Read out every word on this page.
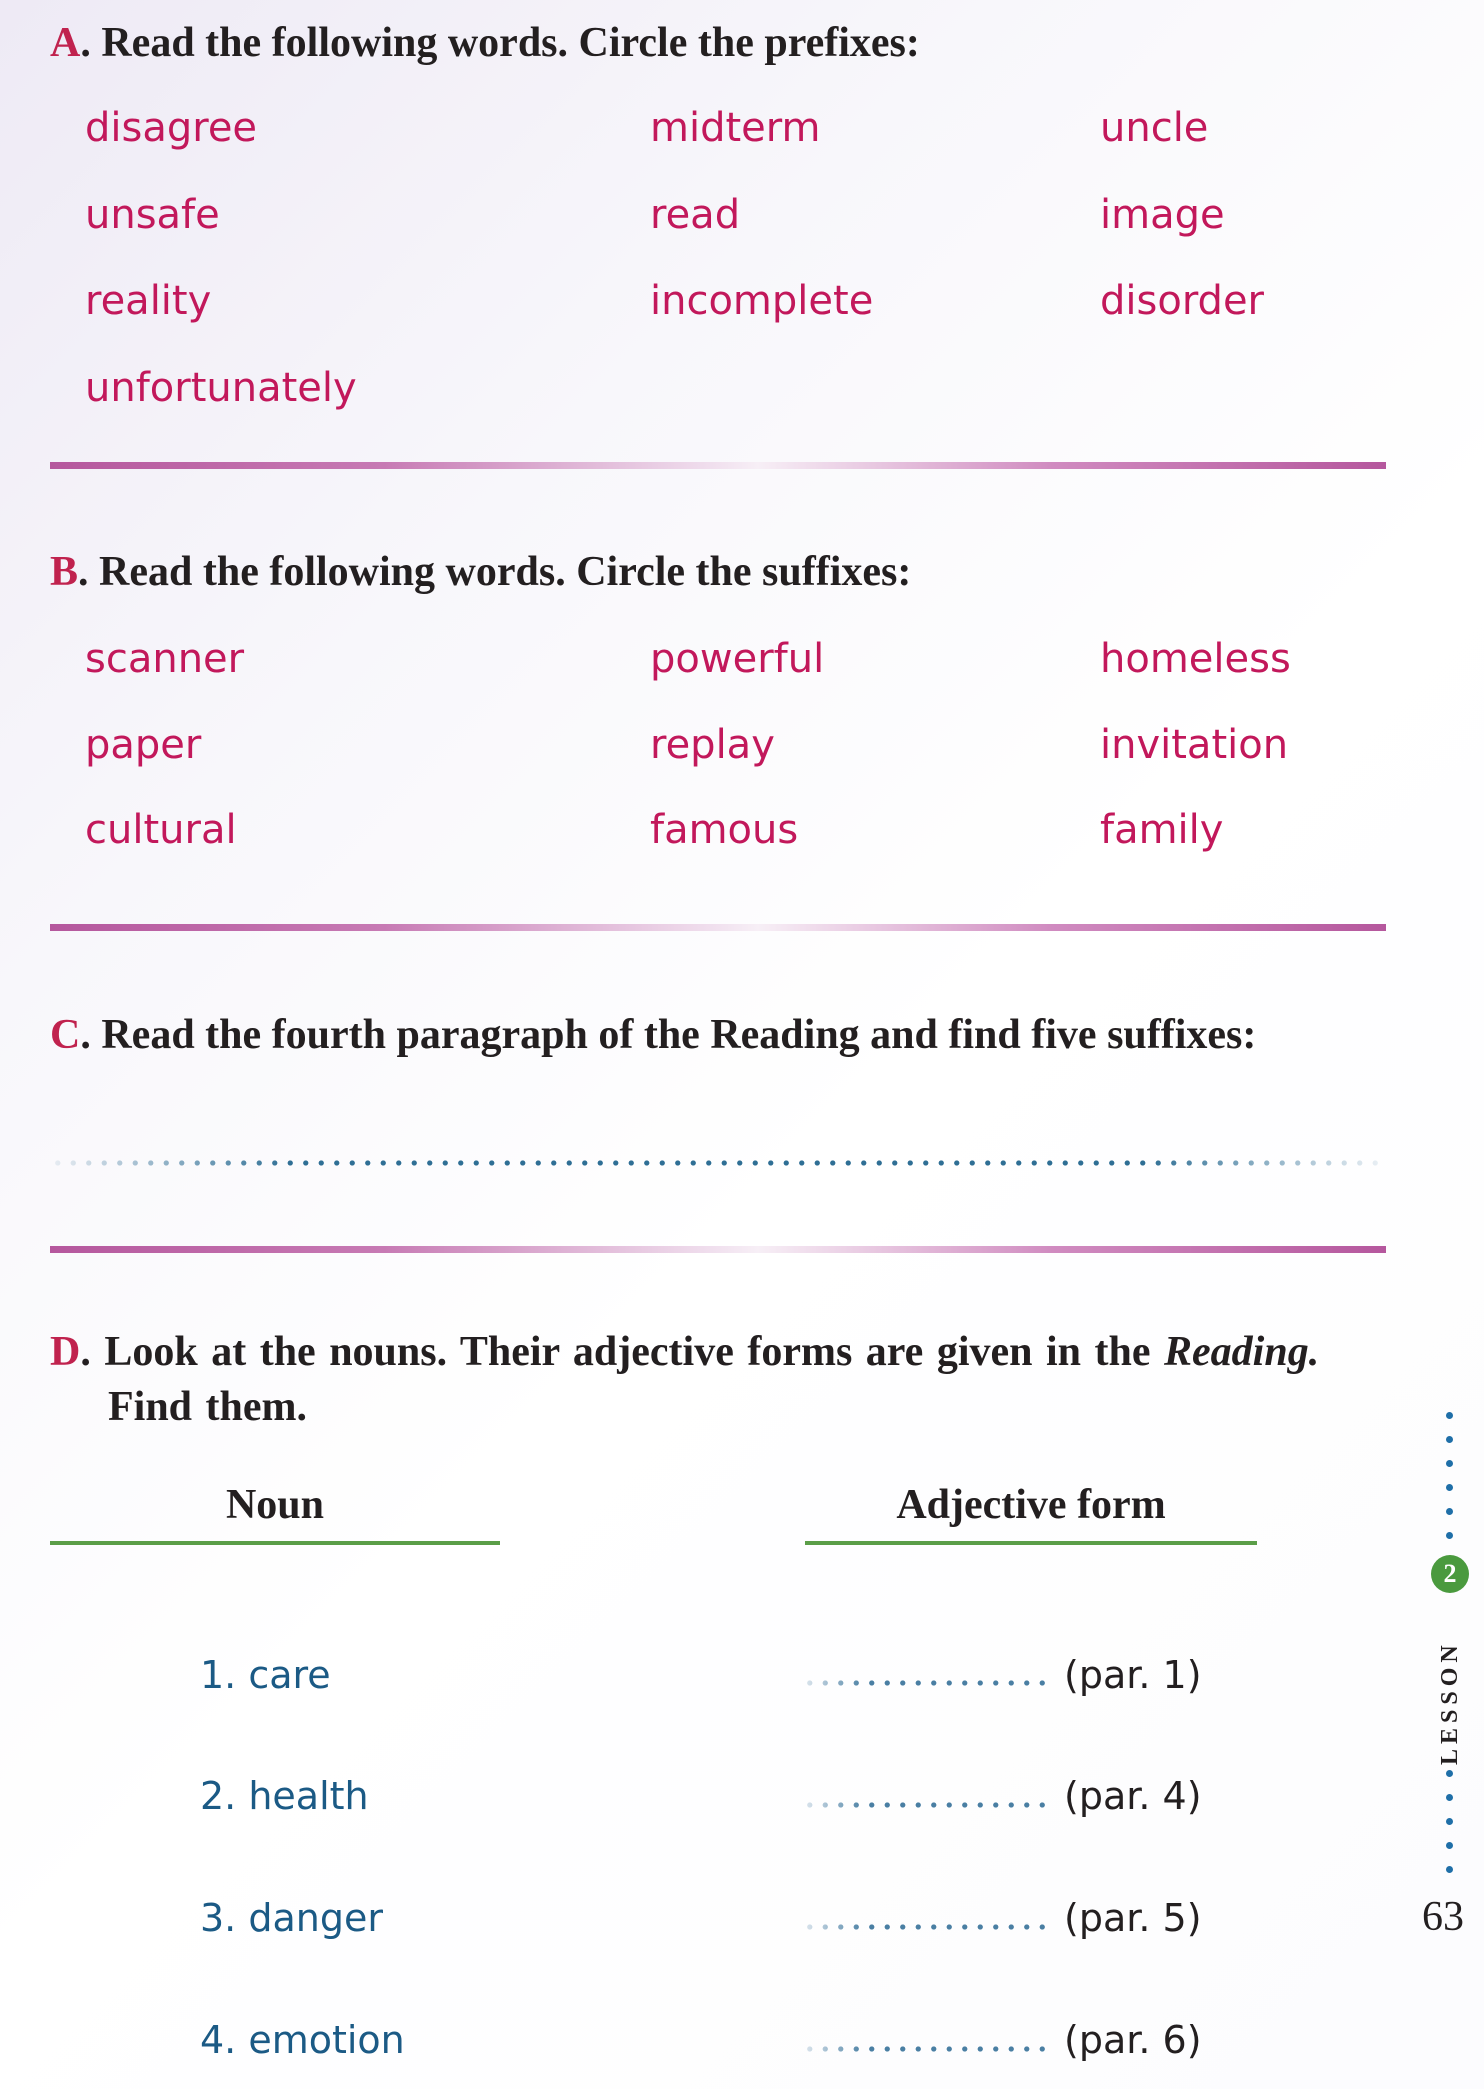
A. Read the following words. Circle the prefixes:

disagree	midterm	uncle

unsafe	read	image

reality	incomplete	disorder

unfortunately

B. Read the following words. Circle the suffixes:

scanner	powerful	homeless

paper	replay	invitation

cultural	famous	family

C. Read the fourth paragraph of the Reading and find five suffixes:
D. Look at the nouns. Their adjective forms are given in the Reading.
Find them.

Noun	Adjective form

1. care	(par. 1)

2. health	(par. 4)

3. danger	(par. 5)

4. emotion	(par. 6)

2
LESSON

63
